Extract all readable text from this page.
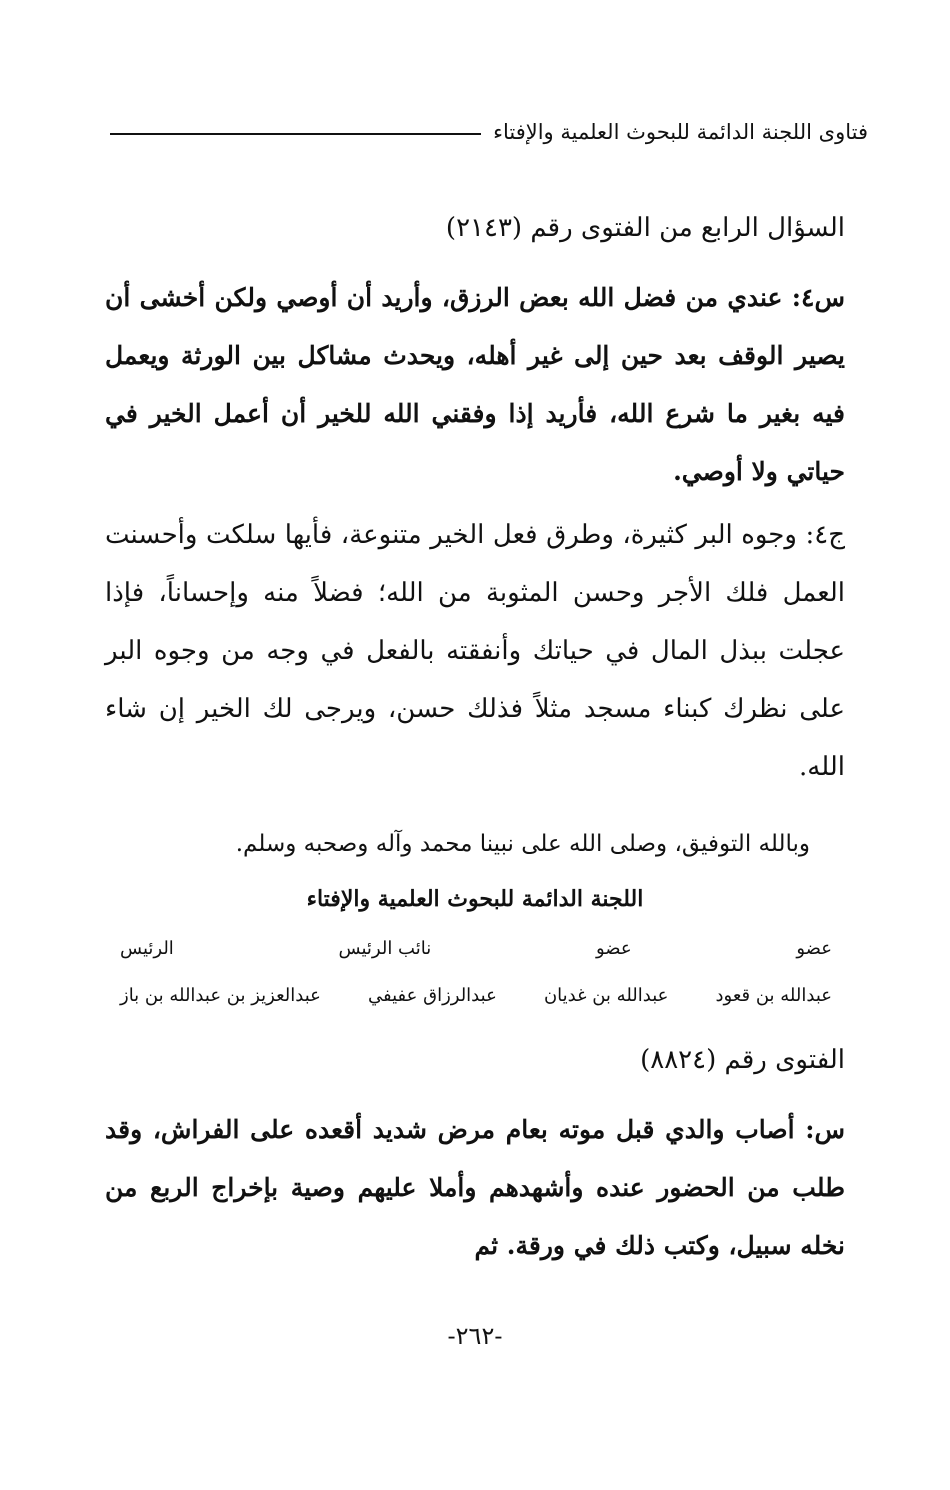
فتاوى اللجنة الدائمة للبحوث العلمية والإفتاء
السؤال الرابع من الفتوى رقم (٢١٤٣)
س٤: عندي من فضل الله بعض الرزق، وأريد أن أوصي ولكن أخشى أن يصير الوقف بعد حين إلى غير أهله، ويحدث مشاكل بين الورثة ويعمل فيه بغير ما شرع الله، فأريد إذا وفقني الله للخير أن أعمل الخير في حياتي ولا أوصي.
ج٤: وجوه البر كثيرة، وطرق فعل الخير متنوعة، فأيها سلكت وأحسنت العمل فلك الأجر وحسن المثوبة من الله؛ فضلاً منه وإحساناً، فإذا عجلت ببذل المال في حياتك وأنفقته بالفعل في وجه من وجوه البر على نظرك كبناء مسجد مثلاً فذلك حسن، ويرجى لك الخير إن شاء الله.
وبالله التوفيق، وصلى الله على نبينا محمد وآله وصحبه وسلم.
اللجنة الدائمة للبحوث العلمية والإفتاء
عضو
عضو
نائب الرئيس
الرئيس
عبدالله بن قعود
عبدالله بن غديان
عبدالرزاق عفيفي
عبدالعزيز بن عبدالله بن باز
الفتوى رقم (٨٨٢٤)
س: أصاب والدي قبل موته بعام مرض شديد أقعده على الفراش، وقد طلب من الحضور عنده وأشهدهم وأملا عليهم وصية بإخراج الربع من نخله سبيل، وكتب ذلك في ورقة. ثم
-٢٦٢-
